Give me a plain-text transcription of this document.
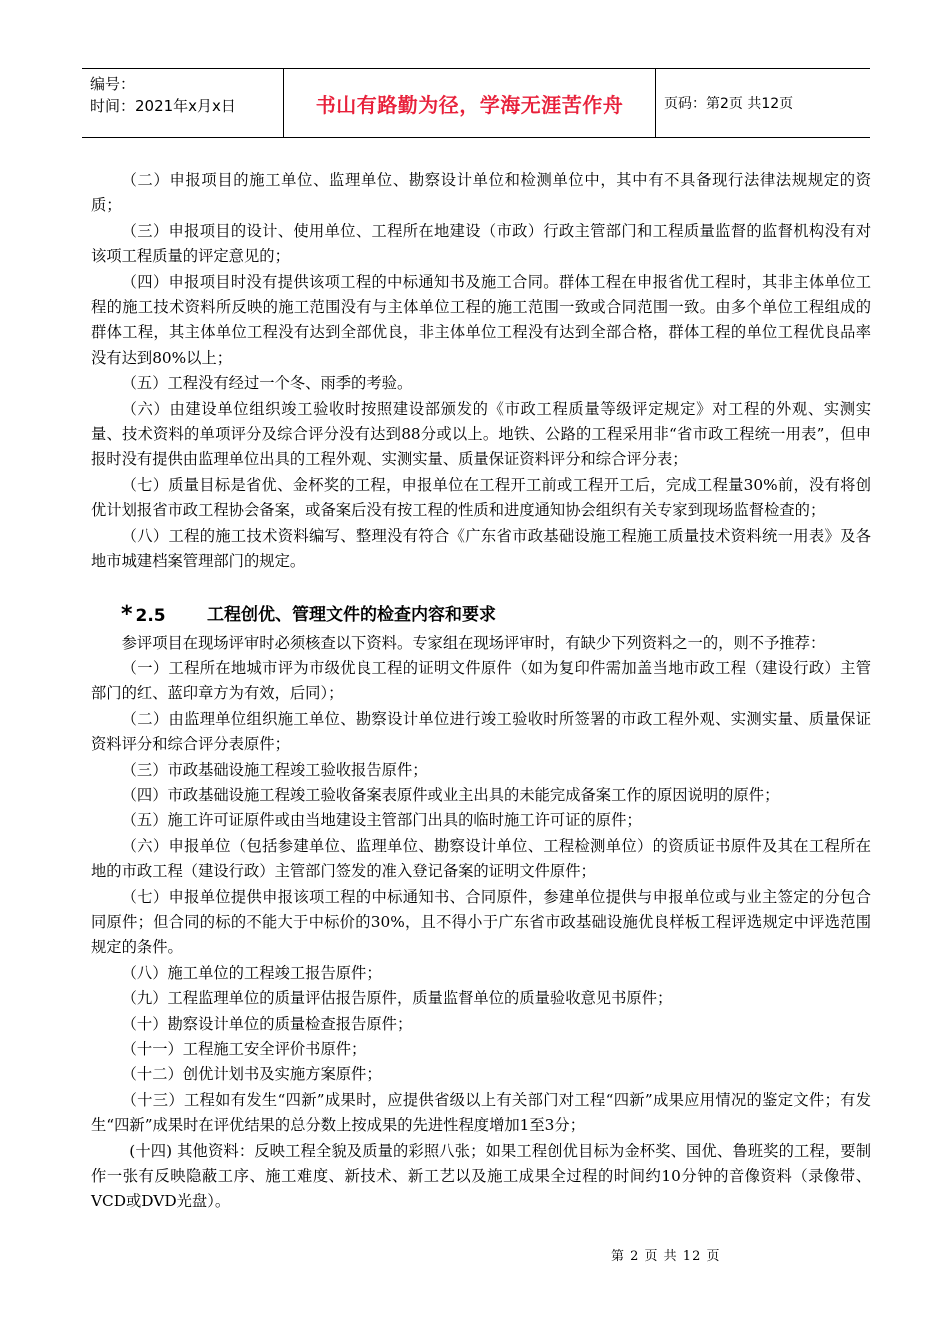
编号：
时间：2021年x月x日	书山有路勤为径，学海无涯苦作舟	页码：第2页 共12页

（二）申报项目的施工单位、监理单位、勘察设计单位和检测单位中，其中有不具备现行法律法规规定的资质；

（三）申报项目的设计、使用单位、工程所在地建设（市政）行政主管部门和工程质量监督的监督机构没有对该项工程质量的评定意见的；

（四）申报项目时没有提供该项工程的中标通知书及施工合同。群体工程在申报省优工程时，其非主体单位工程的施工技术资料所反映的施工范围没有与主体单位工程的施工范围一致或合同范围一致。由多个单位工程组成的群体工程，其主体单位工程没有达到全部优良，非主体单位工程没有达到全部合格，群体工程的单位工程优良品率没有达到80%以上；

（五）工程没有经过一个冬、雨季的考验。

（六）由建设单位组织竣工验收时按照建设部颁发的《市政工程质量等级评定规定》对工程的外观、实测实量、技术资料的单项评分及综合评分没有达到88分或以上。地铁、公路的工程采用非“省市政工程统一用表”，但申报时没有提供由监理单位出具的工程外观、实测实量、质量保证资料评分和综合评分表；

（七）质量目标是省优、金杯奖的工程，申报单位在工程开工前或工程开工后，完成工程量30%前，没有将创优计划报省市政工程协会备案，或备案后没有按工程的性质和进度通知协会组织有关专家到现场监督检查的；

（八）工程的施工技术资料编写、整理没有符合《广东省市政基础设施工程施工质量技术资料统一用表》及各地市城建档案管理部门的规定。

* 2.5	工程创优、管理文件的检查内容和要求

参评项目在现场评审时必须核查以下资料。专家组在现场评审时，有缺少下列资料之一的，则不予推荐：

（一）工程所在地城市评为市级优良工程的证明文件原件（如为复印件需加盖当地市政工程（建设行政）主管部门的红、蓝印章方为有效，后同）；

（二）由监理单位组织施工单位、勘察设计单位进行竣工验收时所签署的市政工程外观、实测实量、质量保证资料评分和综合评分表原件；

（三）市政基础设施工程竣工验收报告原件；

（四）市政基础设施工程竣工验收备案表原件或业主出具的未能完成备案工作的原因说明的原件；

（五）施工许可证原件或由当地建设主管部门出具的临时施工许可证的原件；

（六）申报单位（包括参建单位、监理单位、勘察设计单位、工程检测单位）的资质证书原件及其在工程所在地的市政工程（建设行政）主管部门签发的准入登记备案的证明文件原件；

（七）申报单位提供申报该项工程的中标通知书、合同原件，参建单位提供与申报单位或与业主签定的分包合同原件；但合同的标的不能大于中标价的30%，且不得小于广东省市政基础设施优良样板工程评选规定中评选范围规定的条件。

（八）施工单位的工程竣工报告原件；

（九）工程监理单位的质量评估报告原件，质量监督单位的质量验收意见书原件；

（十）勘察设计单位的质量检查报告原件；

（十一）工程施工安全评价书原件；

（十二）创优计划书及实施方案原件；

（十三）工程如有发生“四新”成果时，应提供省级以上有关部门对工程“四新”成果应用情况的鉴定文件；有发生“四新”成果时在评优结果的总分数上按成果的先进性程度增加1至3分；

(十四) 其他资料：反映工程全貌及质量的彩照八张；如果工程创优目标为金杯奖、国优、鲁班奖的工程，要制作一张有反映隐蔽工序、施工难度、新技术、新工艺以及施工成果全过程的时间约10分钟的音像资料（录像带、VCD或DVD光盘）。

第 2 页 共 12 页
